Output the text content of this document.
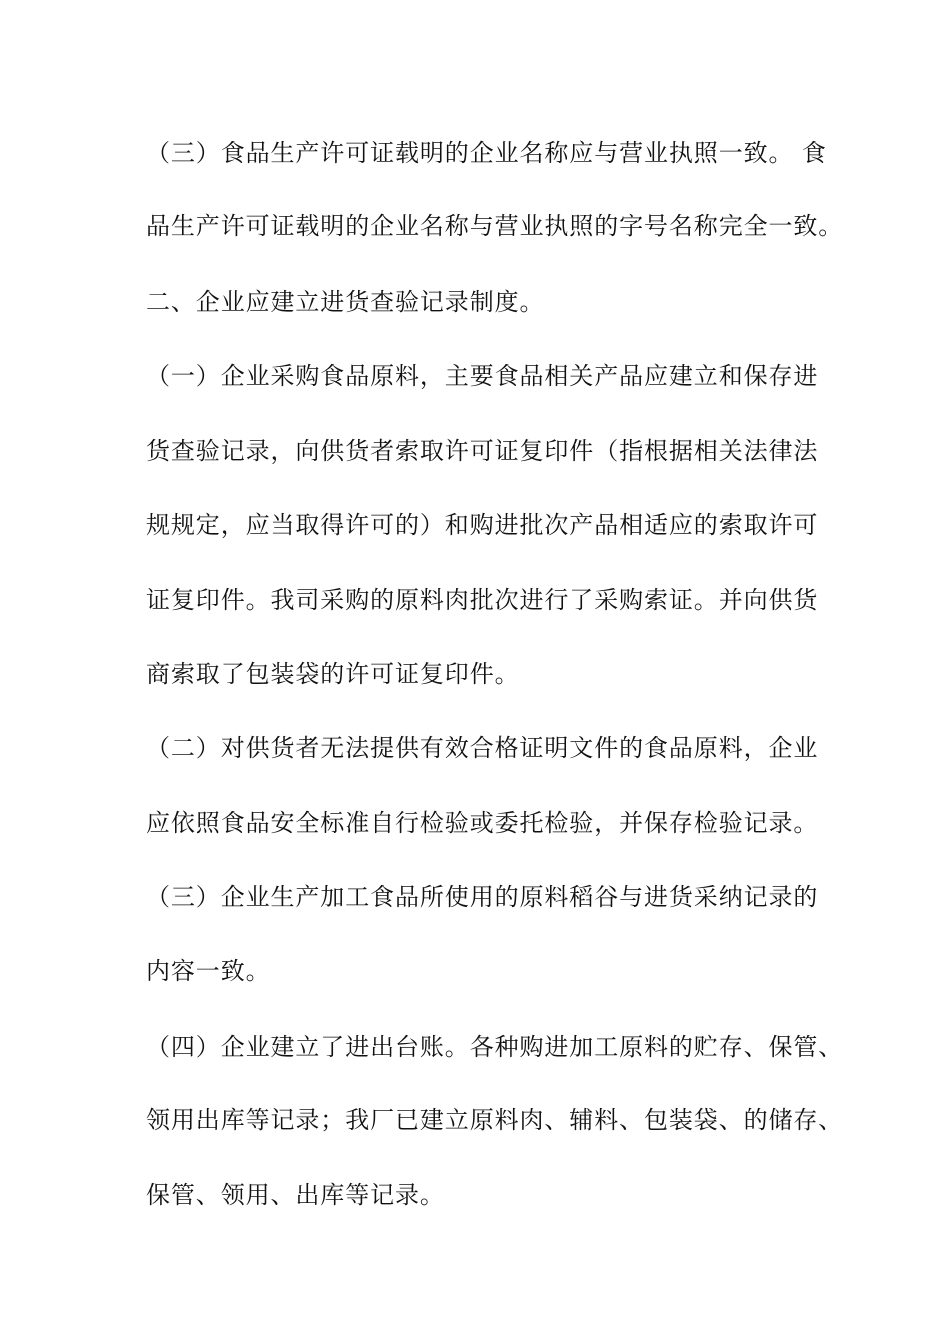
（三）食品生产许可证载明的企业名称应与营业执照一致。 食

品生产许可证载明的企业名称与营业执照的字号名称完全一致。

二、企业应建立进货查验记录制度。

（一）企业采购食品原料，主要食品相关产品应建立和保存进

货查验记录，向供货者索取许可证复印件（指根据相关法律法

规规定，应当取得许可的）和购进批次产品相适应的索取许可

证复印件。我司采购的原料肉批次进行了采购索证。并向供货

商索取了包装袋的许可证复印件。

（二）对供货者无法提供有效合格证明文件的食品原料，企业

应依照食品安全标准自行检验或委托检验，并保存检验记录。

（三）企业生产加工食品所使用的原料稻谷与进货采纳记录的

内容一致。

（四）企业建立了进出台账。各种购进加工原料的贮存、保管、

领用出库等记录；我厂已建立原料肉、辅料、包装袋、的储存、

保管、领用、出库等记录。
